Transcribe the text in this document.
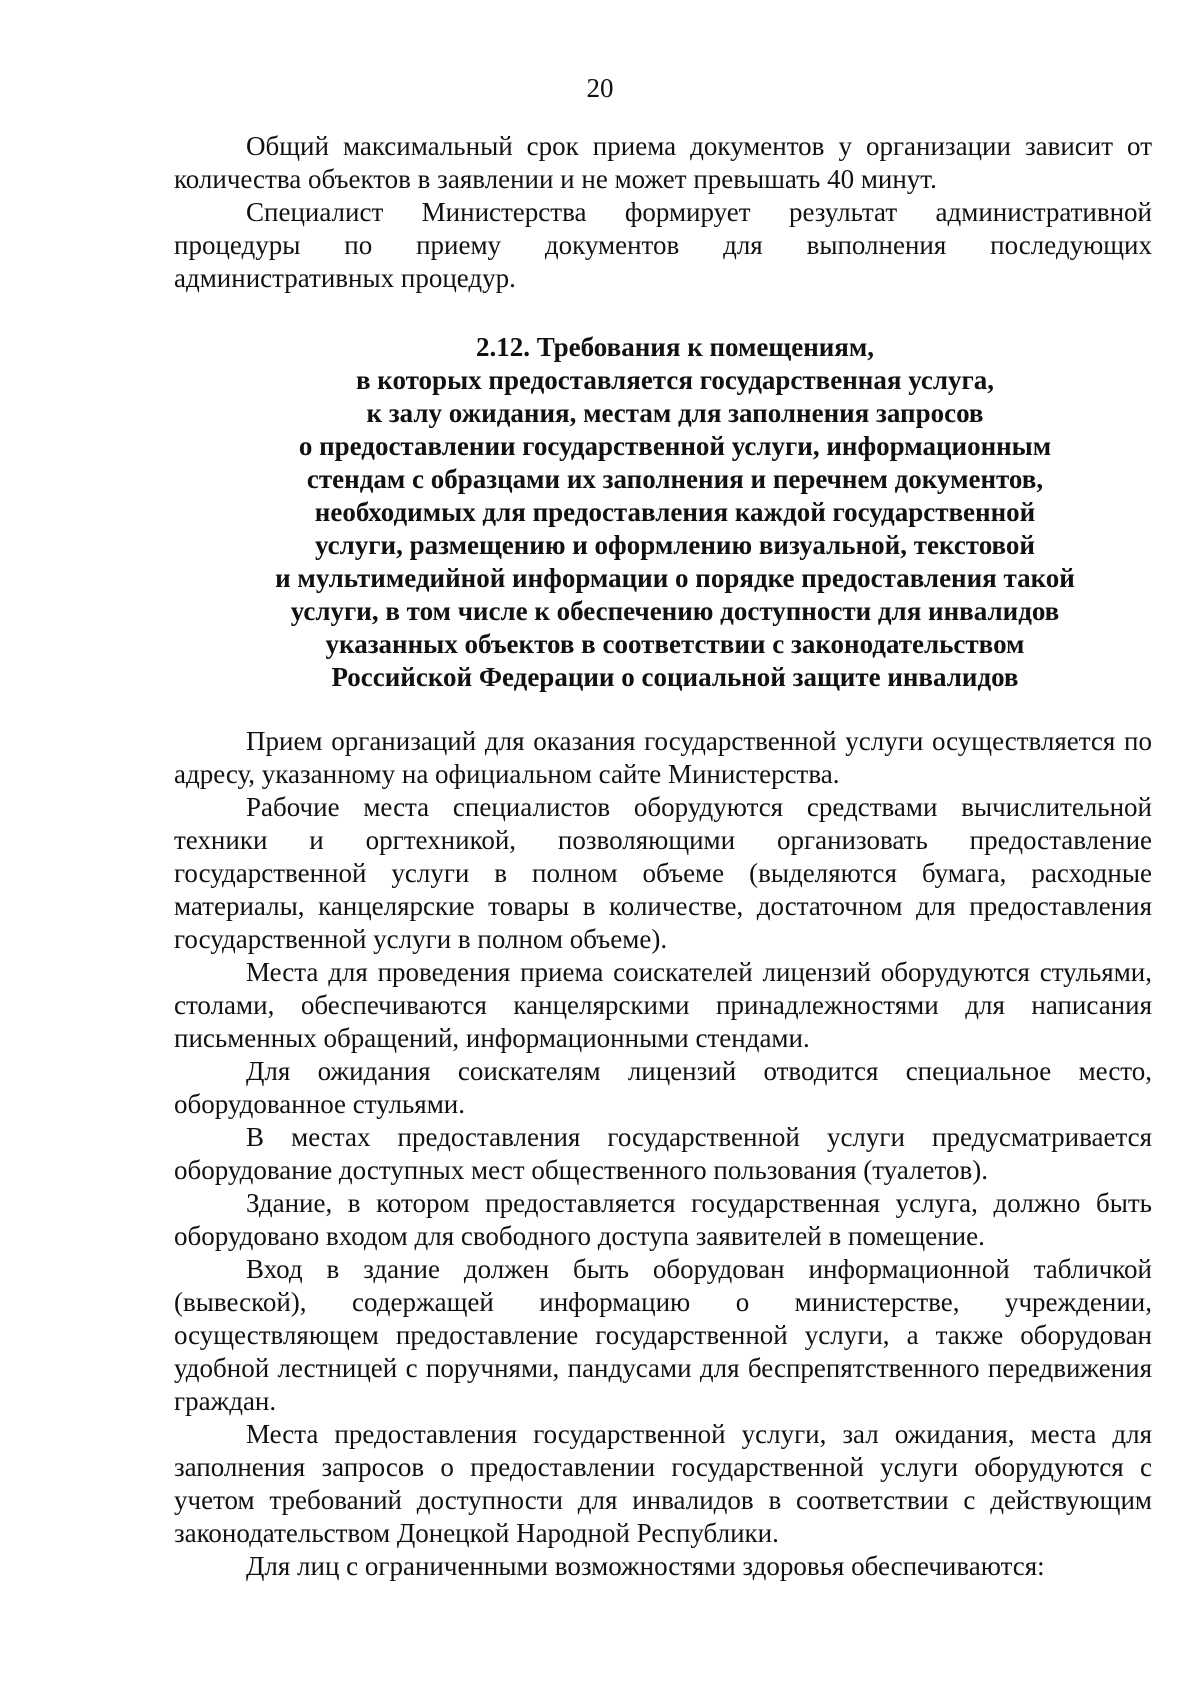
20

Общий максимальный срок приема документов у организации зависит от количества объектов в заявлении и не может превышать 40 минут.

Специалист Министерства формирует результат административной процедуры по приему документов для выполнения последующих административных процедур.

2.12. Требования к помещениям,
в которых предоставляется государственная услуга,
к залу ожидания, местам для заполнения запросов
о предоставлении государственной услуги, информационным
стендам с образцами их заполнения и перечнем документов,
необходимых для предоставления каждой государственной
услуги, размещению и оформлению визуальной, текстовой
и мультимедийной информации о порядке предоставления такой
услуги, в том числе к обеспечению доступности для инвалидов
указанных объектов в соответствии с законодательством
Российской Федерации о социальной защите инвалидов

Прием организаций для оказания государственной услуги осуществляется по адресу, указанному на официальном сайте Министерства.

Рабочие места специалистов оборудуются средствами вычислительной техники и оргтехникой, позволяющими организовать предоставление государственной услуги в полном объеме (выделяются бумага, расходные материалы, канцелярские товары в количестве, достаточном для предоставления государственной услуги в полном объеме).

Места для проведения приема соискателей лицензий оборудуются стульями, столами, обеспечиваются канцелярскими принадлежностями для написания письменных обращений, информационными стендами.

Для ожидания соискателям лицензий отводится специальное место, оборудованное стульями.

В местах предоставления государственной услуги предусматривается оборудование доступных мест общественного пользования (туалетов).

Здание, в котором предоставляется государственная услуга, должно быть оборудовано входом для свободного доступа заявителей в помещение.

Вход в здание должен быть оборудован информационной табличкой (вывеской), содержащей информацию о министерстве, учреждении, осуществляющем предоставление государственной услуги, а также оборудован удобной лестницей с поручнями, пандусами для беспрепятственного передвижения граждан.

Места предоставления государственной услуги, зал ожидания, места для заполнения запросов о предоставлении государственной услуги оборудуются с учетом требований доступности для инвалидов в соответствии с действующим законодательством Донецкой Народной Республики.

Для лиц с ограниченными возможностями здоровья обеспечиваются:
